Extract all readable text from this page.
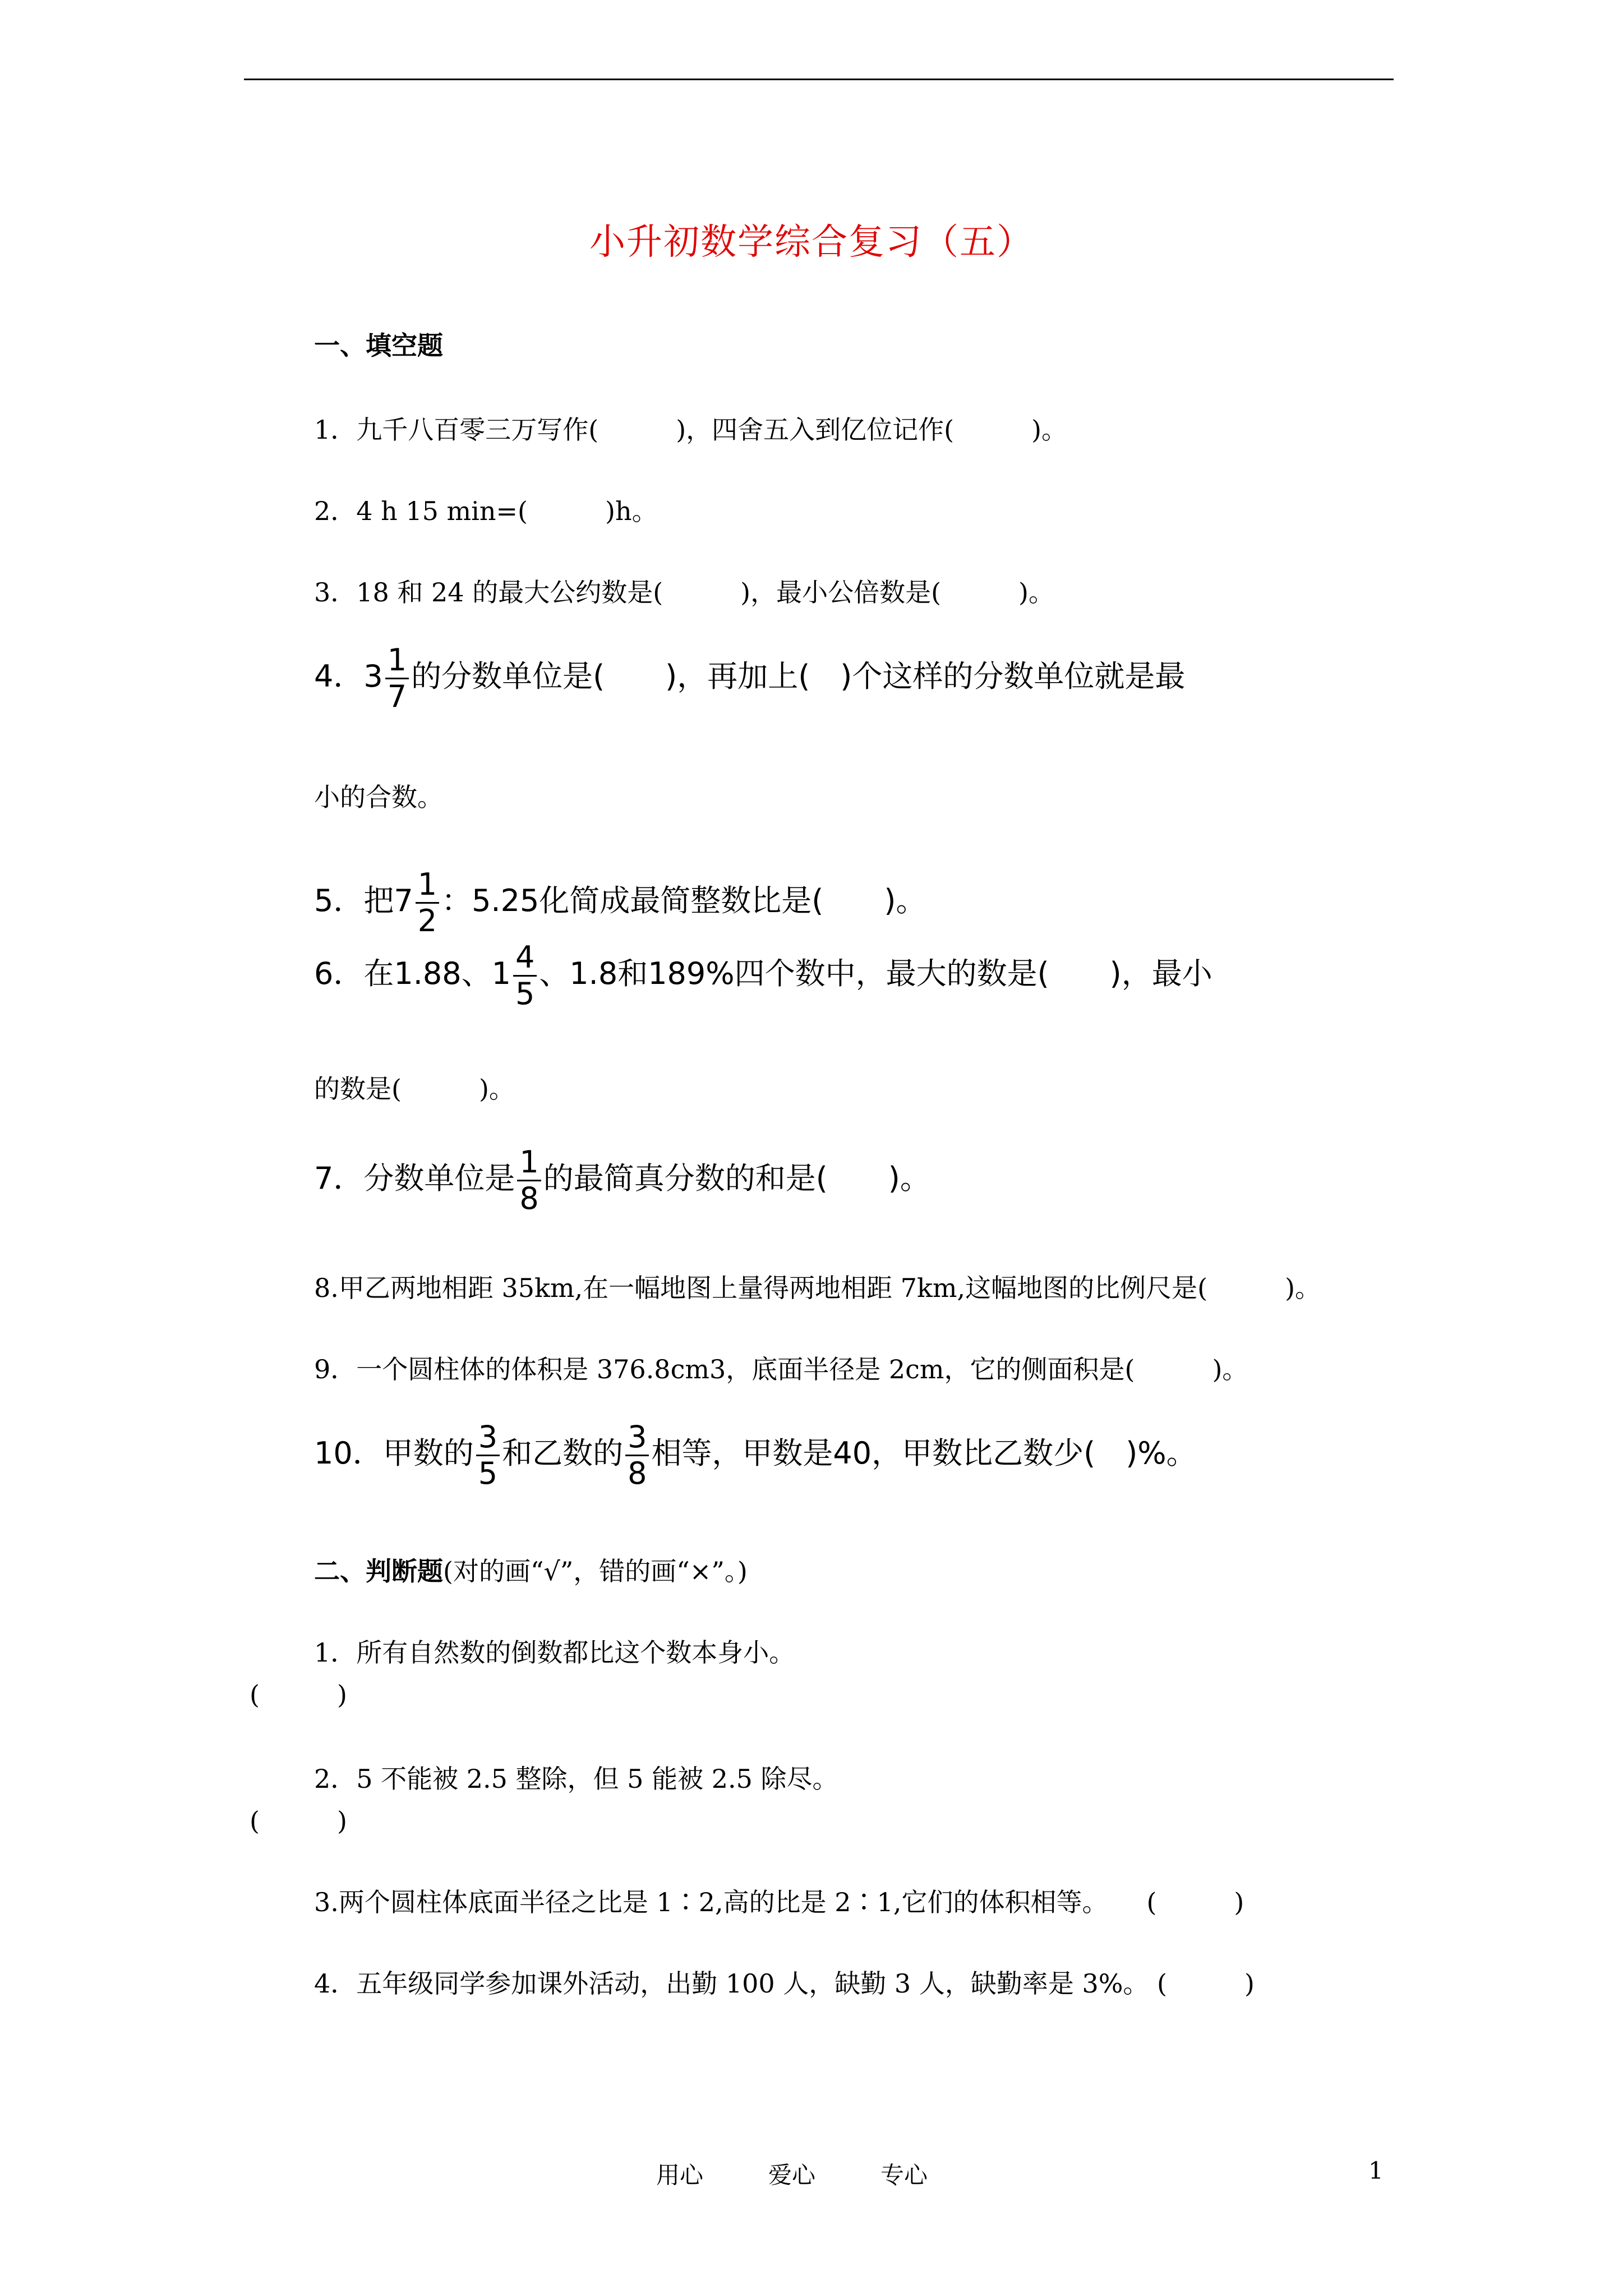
小升初数学综合复习（五）
一、填空题
1．九千八百零三万写作(　　　)，四舍五入到亿位记作(　　　)。
2．4 h 15 min=(　　　)h。
3．18 和 24 的最大公约数是(　　　)，最小公倍数是(　　　)。
4．$3 \frac{1}{7}$ 的分数单位是(　　)，再加上(　)个这样的分数单位就是最
小的合数。
5．把$7 \frac{1}{2}$ ：5.25化简成最简整数比是(　　)。
6．在1.88、$1 \frac{4}{5}$ 、1.8和189%四个数中，最大的数是(　　)，最小
的数是(　　　)。
7．分数单位是 $\frac{1}{8}$ 的最简真分数的和是(　　)。
8.甲乙两地相距 35km,在一幅地图上量得两地相距 7km,这幅地图的比例尺是(　　　)。
9．一个圆柱体的体积是 376.8cm3，底面半径是 2cm，它的侧面积是(　　　)。
10．甲数的 $\frac{3}{5}$ 和乙数的 $\frac{3}{8}$ 相等，甲数是40，甲数比乙数少(　)%。
二、判断题(对的画“√”，错的画“×”。)
1．所有自然数的倒数都比这个数本身小。
(　　　)
2．5 不能被 2.5 整除，但 5 能被 2.5 除尽。
(　　　)
3.两个圆柱体底面半径之比是 1∶2,高的比是 2∶1,它们的体积相等。　　(　　　)
4．五年级同学参加课外活动，出勤 100 人，缺勤 3 人，缺勤率是 3%。 (　　　)
用心	爱心	专心	1
